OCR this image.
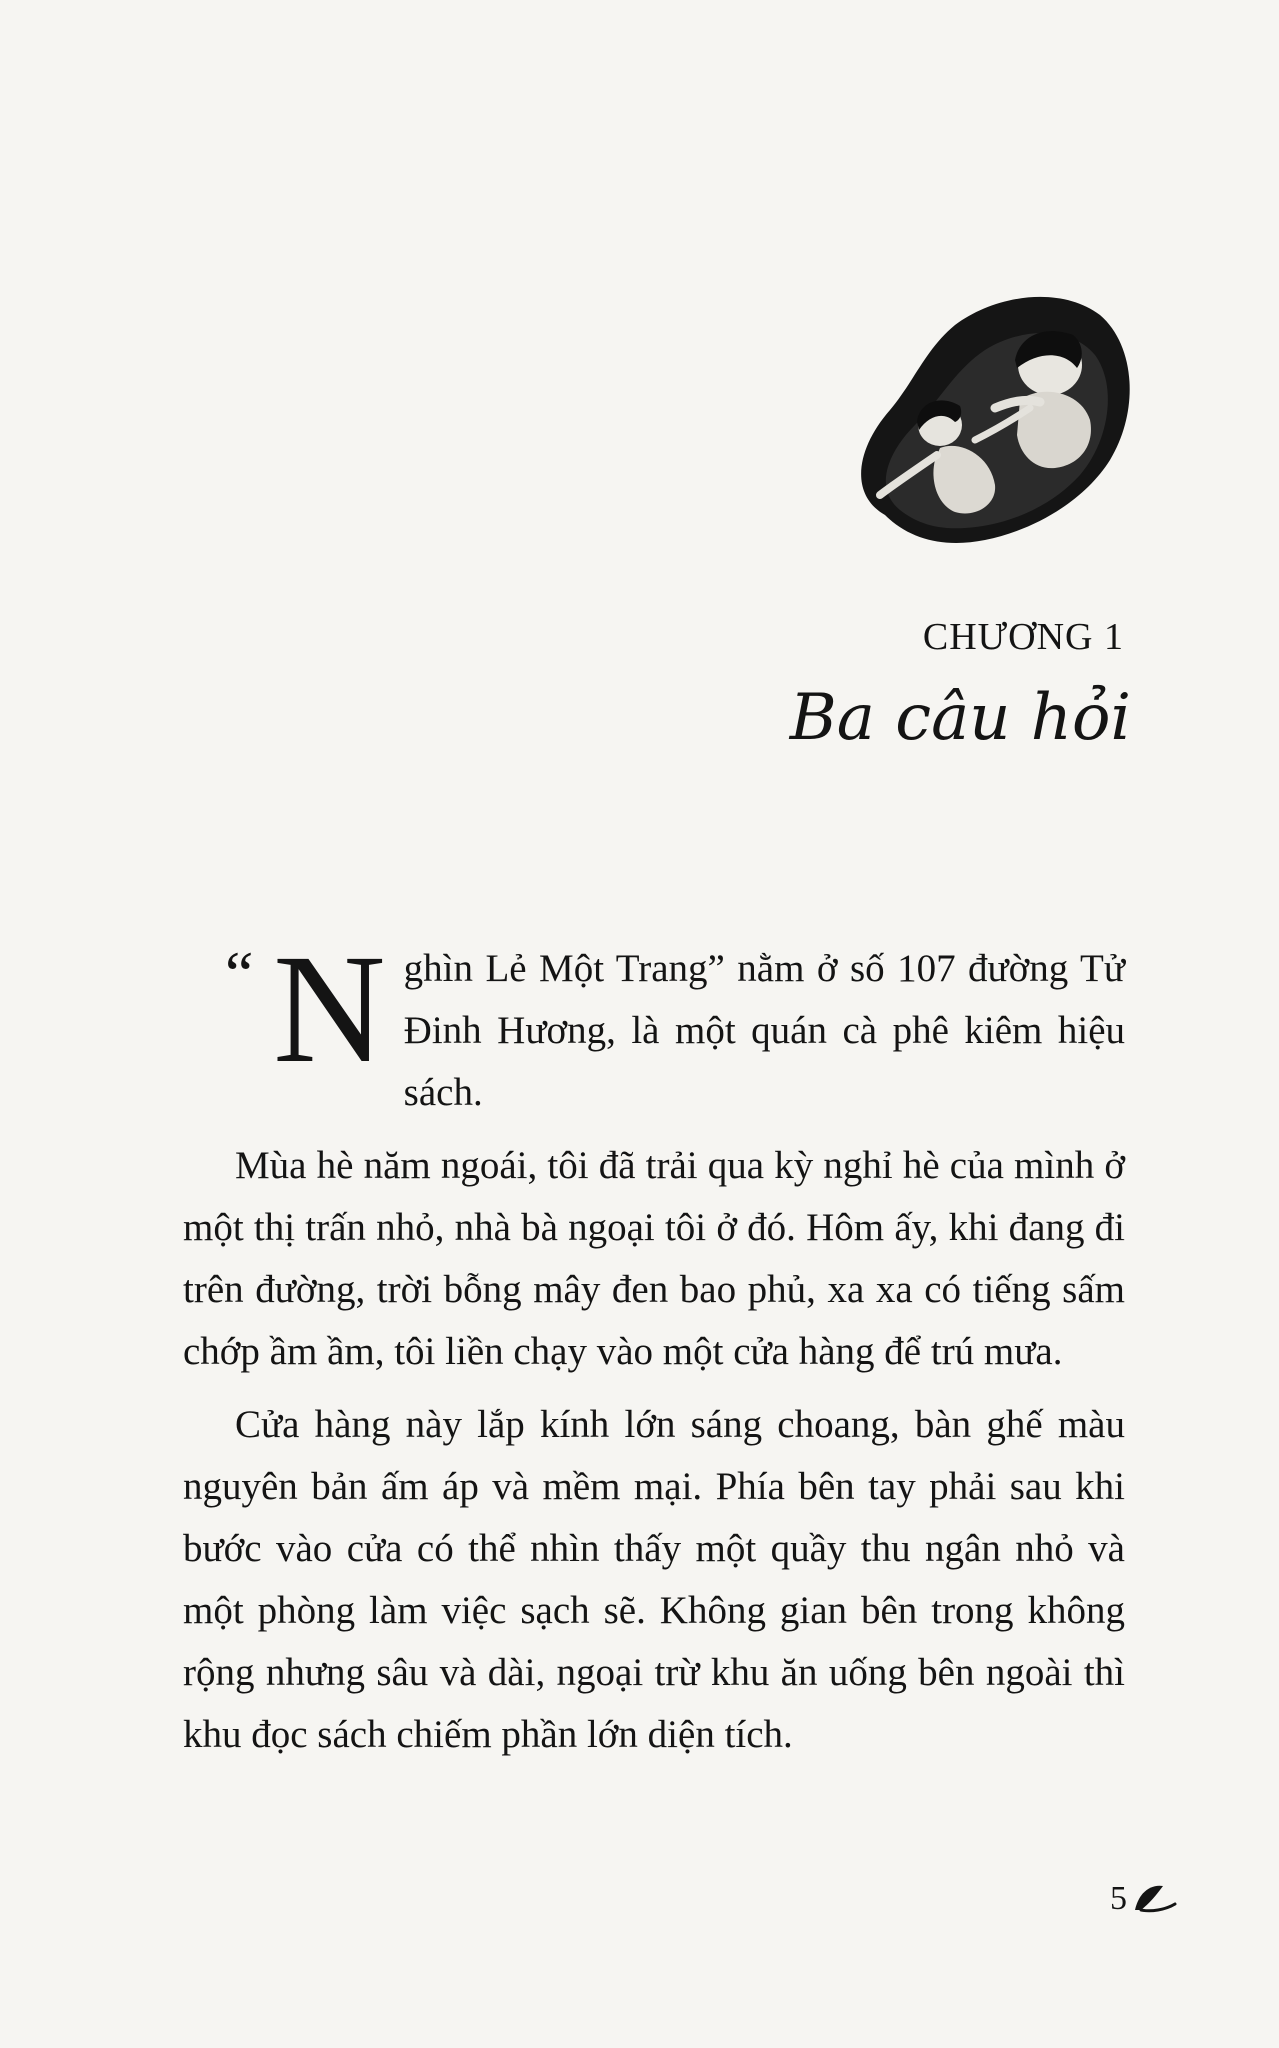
CHƯƠNG 1
Ba câu hỏi

“ N ghìn Lẻ Một Trang” nằm ở số 107 đường Tử Đinh Hương, là một quán cà phê kiêm hiệu sách.

Mùa hè năm ngoái, tôi đã trải qua kỳ nghỉ hè của mình ở một thị trấn nhỏ, nhà bà ngoại tôi ở đó. Hôm ấy, khi đang đi trên đường, trời bỗng mây đen bao phủ, xa xa có tiếng sấm chớp ầm ầm, tôi liền chạy vào một cửa hàng để trú mưa.

Cửa hàng này lắp kính lớn sáng choang, bàn ghế màu nguyên bản ấm áp và mềm mại. Phía bên tay phải sau khi bước vào cửa có thể nhìn thấy một quầy thu ngân nhỏ và một phòng làm việc sạch sẽ. Không gian bên trong không rộng nhưng sâu và dài, ngoại trừ khu ăn uống bên ngoài thì khu đọc sách chiếm phần lớn diện tích.

5
